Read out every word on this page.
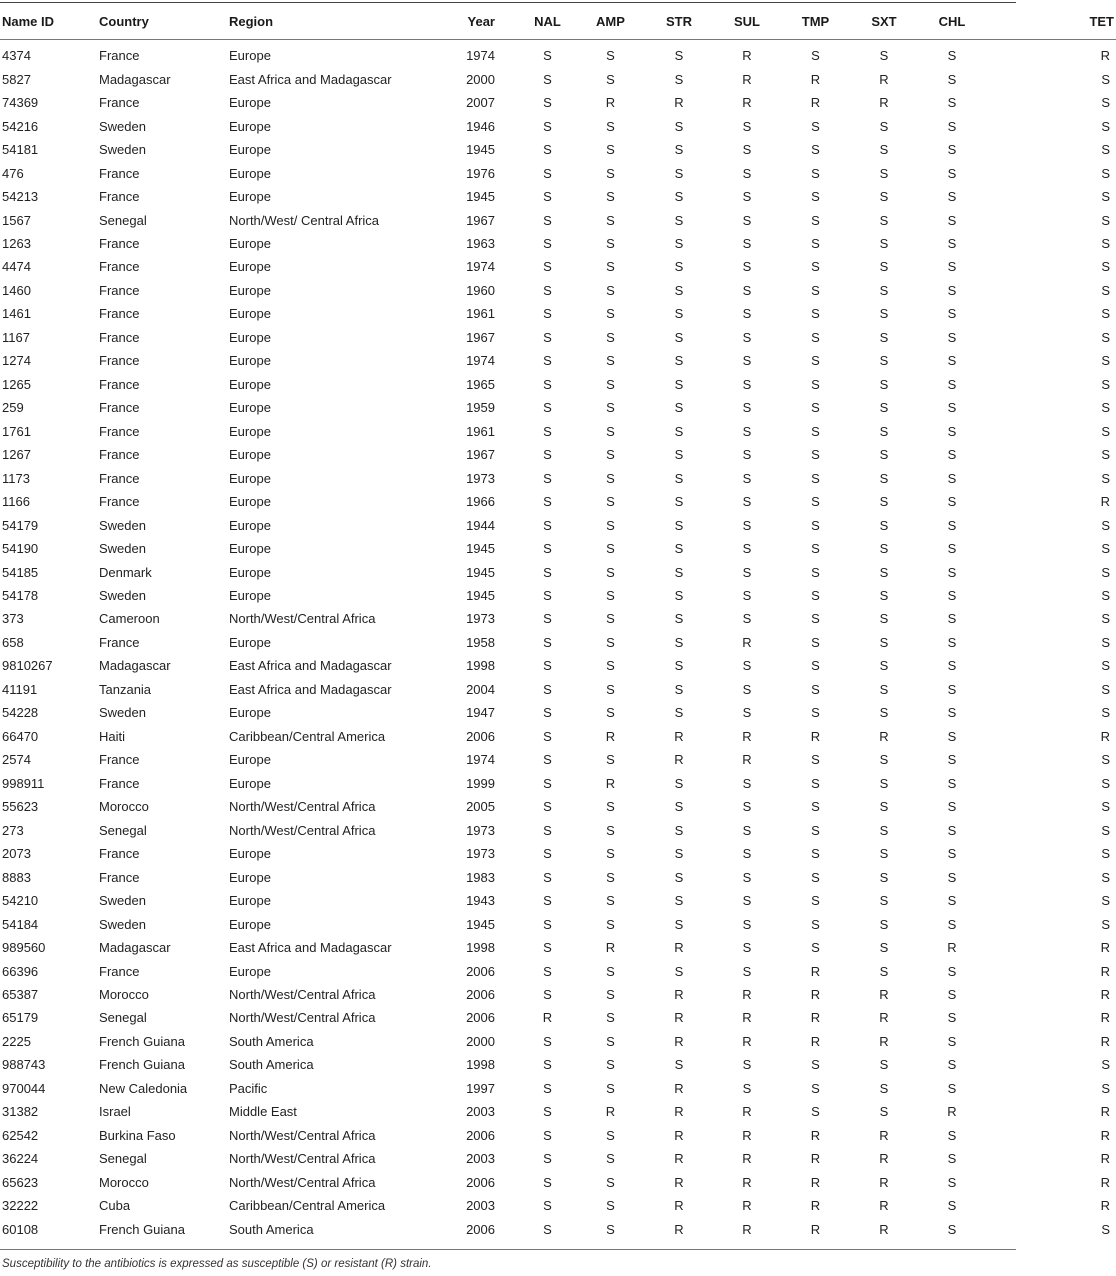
Name ID	Country	Region	Year	NAL	AMP	STR	SUL	TMP	SXT	CHL	TET

4374	France	Europe	1974	S	S	S	R	S	S	S	R
5827	Madagascar	East Africa and Madagascar	2000	S	S	S	R	R	R	S	S
74369	France	Europe	2007	S	R	R	R	R	R	S	S
54216	Sweden	Europe	1946	S	S	S	S	S	S	S	S
54181	Sweden	Europe	1945	S	S	S	S	S	S	S	S
476	France	Europe	1976	S	S	S	S	S	S	S	S
54213	France	Europe	1945	S	S	S	S	S	S	S	S
1567	Senegal	North/West/ Central Africa	1967	S	S	S	S	S	S	S	S
1263	France	Europe	1963	S	S	S	S	S	S	S	S
4474	France	Europe	1974	S	S	S	S	S	S	S	S
1460	France	Europe	1960	S	S	S	S	S	S	S	S
1461	France	Europe	1961	S	S	S	S	S	S	S	S
1167	France	Europe	1967	S	S	S	S	S	S	S	S
1274	France	Europe	1974	S	S	S	S	S	S	S	S
1265	France	Europe	1965	S	S	S	S	S	S	S	S
259	France	Europe	1959	S	S	S	S	S	S	S	S
1761	France	Europe	1961	S	S	S	S	S	S	S	S
1267	France	Europe	1967	S	S	S	S	S	S	S	S
1173	France	Europe	1973	S	S	S	S	S	S	S	S
1166	France	Europe	1966	S	S	S	S	S	S	S	R
54179	Sweden	Europe	1944	S	S	S	S	S	S	S	S
54190	Sweden	Europe	1945	S	S	S	S	S	S	S	S
54185	Denmark	Europe	1945	S	S	S	S	S	S	S	S
54178	Sweden	Europe	1945	S	S	S	S	S	S	S	S
373	Cameroon	North/West/Central Africa	1973	S	S	S	S	S	S	S	S
658	France	Europe	1958	S	S	S	R	S	S	S	S
9810267	Madagascar	East Africa and Madagascar	1998	S	S	S	S	S	S	S	S
41191	Tanzania	East Africa and Madagascar	2004	S	S	S	S	S	S	S	S
54228	Sweden	Europe	1947	S	S	S	S	S	S	S	S
66470	Haiti	Caribbean/Central America	2006	S	R	R	R	R	R	S	R
2574	France	Europe	1974	S	S	R	R	S	S	S	S
998911	France	Europe	1999	S	R	S	S	S	S	S	S
55623	Morocco	North/West/Central Africa	2005	S	S	S	S	S	S	S	S
273	Senegal	North/West/Central Africa	1973	S	S	S	S	S	S	S	S
2073	France	Europe	1973	S	S	S	S	S	S	S	S
8883	France	Europe	1983	S	S	S	S	S	S	S	S
54210	Sweden	Europe	1943	S	S	S	S	S	S	S	S
54184	Sweden	Europe	1945	S	S	S	S	S	S	S	S
989560	Madagascar	East Africa and Madagascar	1998	S	R	R	S	S	S	R	R
66396	France	Europe	2006	S	S	S	S	R	S	S	R
65387	Morocco	North/West/Central Africa	2006	S	S	R	R	R	R	S	R
65179	Senegal	North/West/Central Africa	2006	R	S	R	R	R	R	S	R
2225	French Guiana	South America	2000	S	S	R	R	R	R	S	R
988743	French Guiana	South America	1998	S	S	S	S	S	S	S	S
970044	New Caledonia	Pacific	1997	S	S	R	S	S	S	S	S
31382	Israel	Middle East	2003	S	R	R	R	S	S	R	R
62542	Burkina Faso	North/West/Central Africa	2006	S	S	R	R	R	R	S	R
36224	Senegal	North/West/Central Africa	2003	S	S	R	R	R	R	S	R
65623	Morocco	North/West/Central Africa	2006	S	S	R	R	R	R	S	R
32222	Cuba	Caribbean/Central America	2003	S	S	R	R	R	R	S	R
60108	French Guiana	South America	2006	S	S	R	R	R	R	S	S
Susceptibility to the antibiotics is expressed as susceptible (S) or resistant (R) strain.
